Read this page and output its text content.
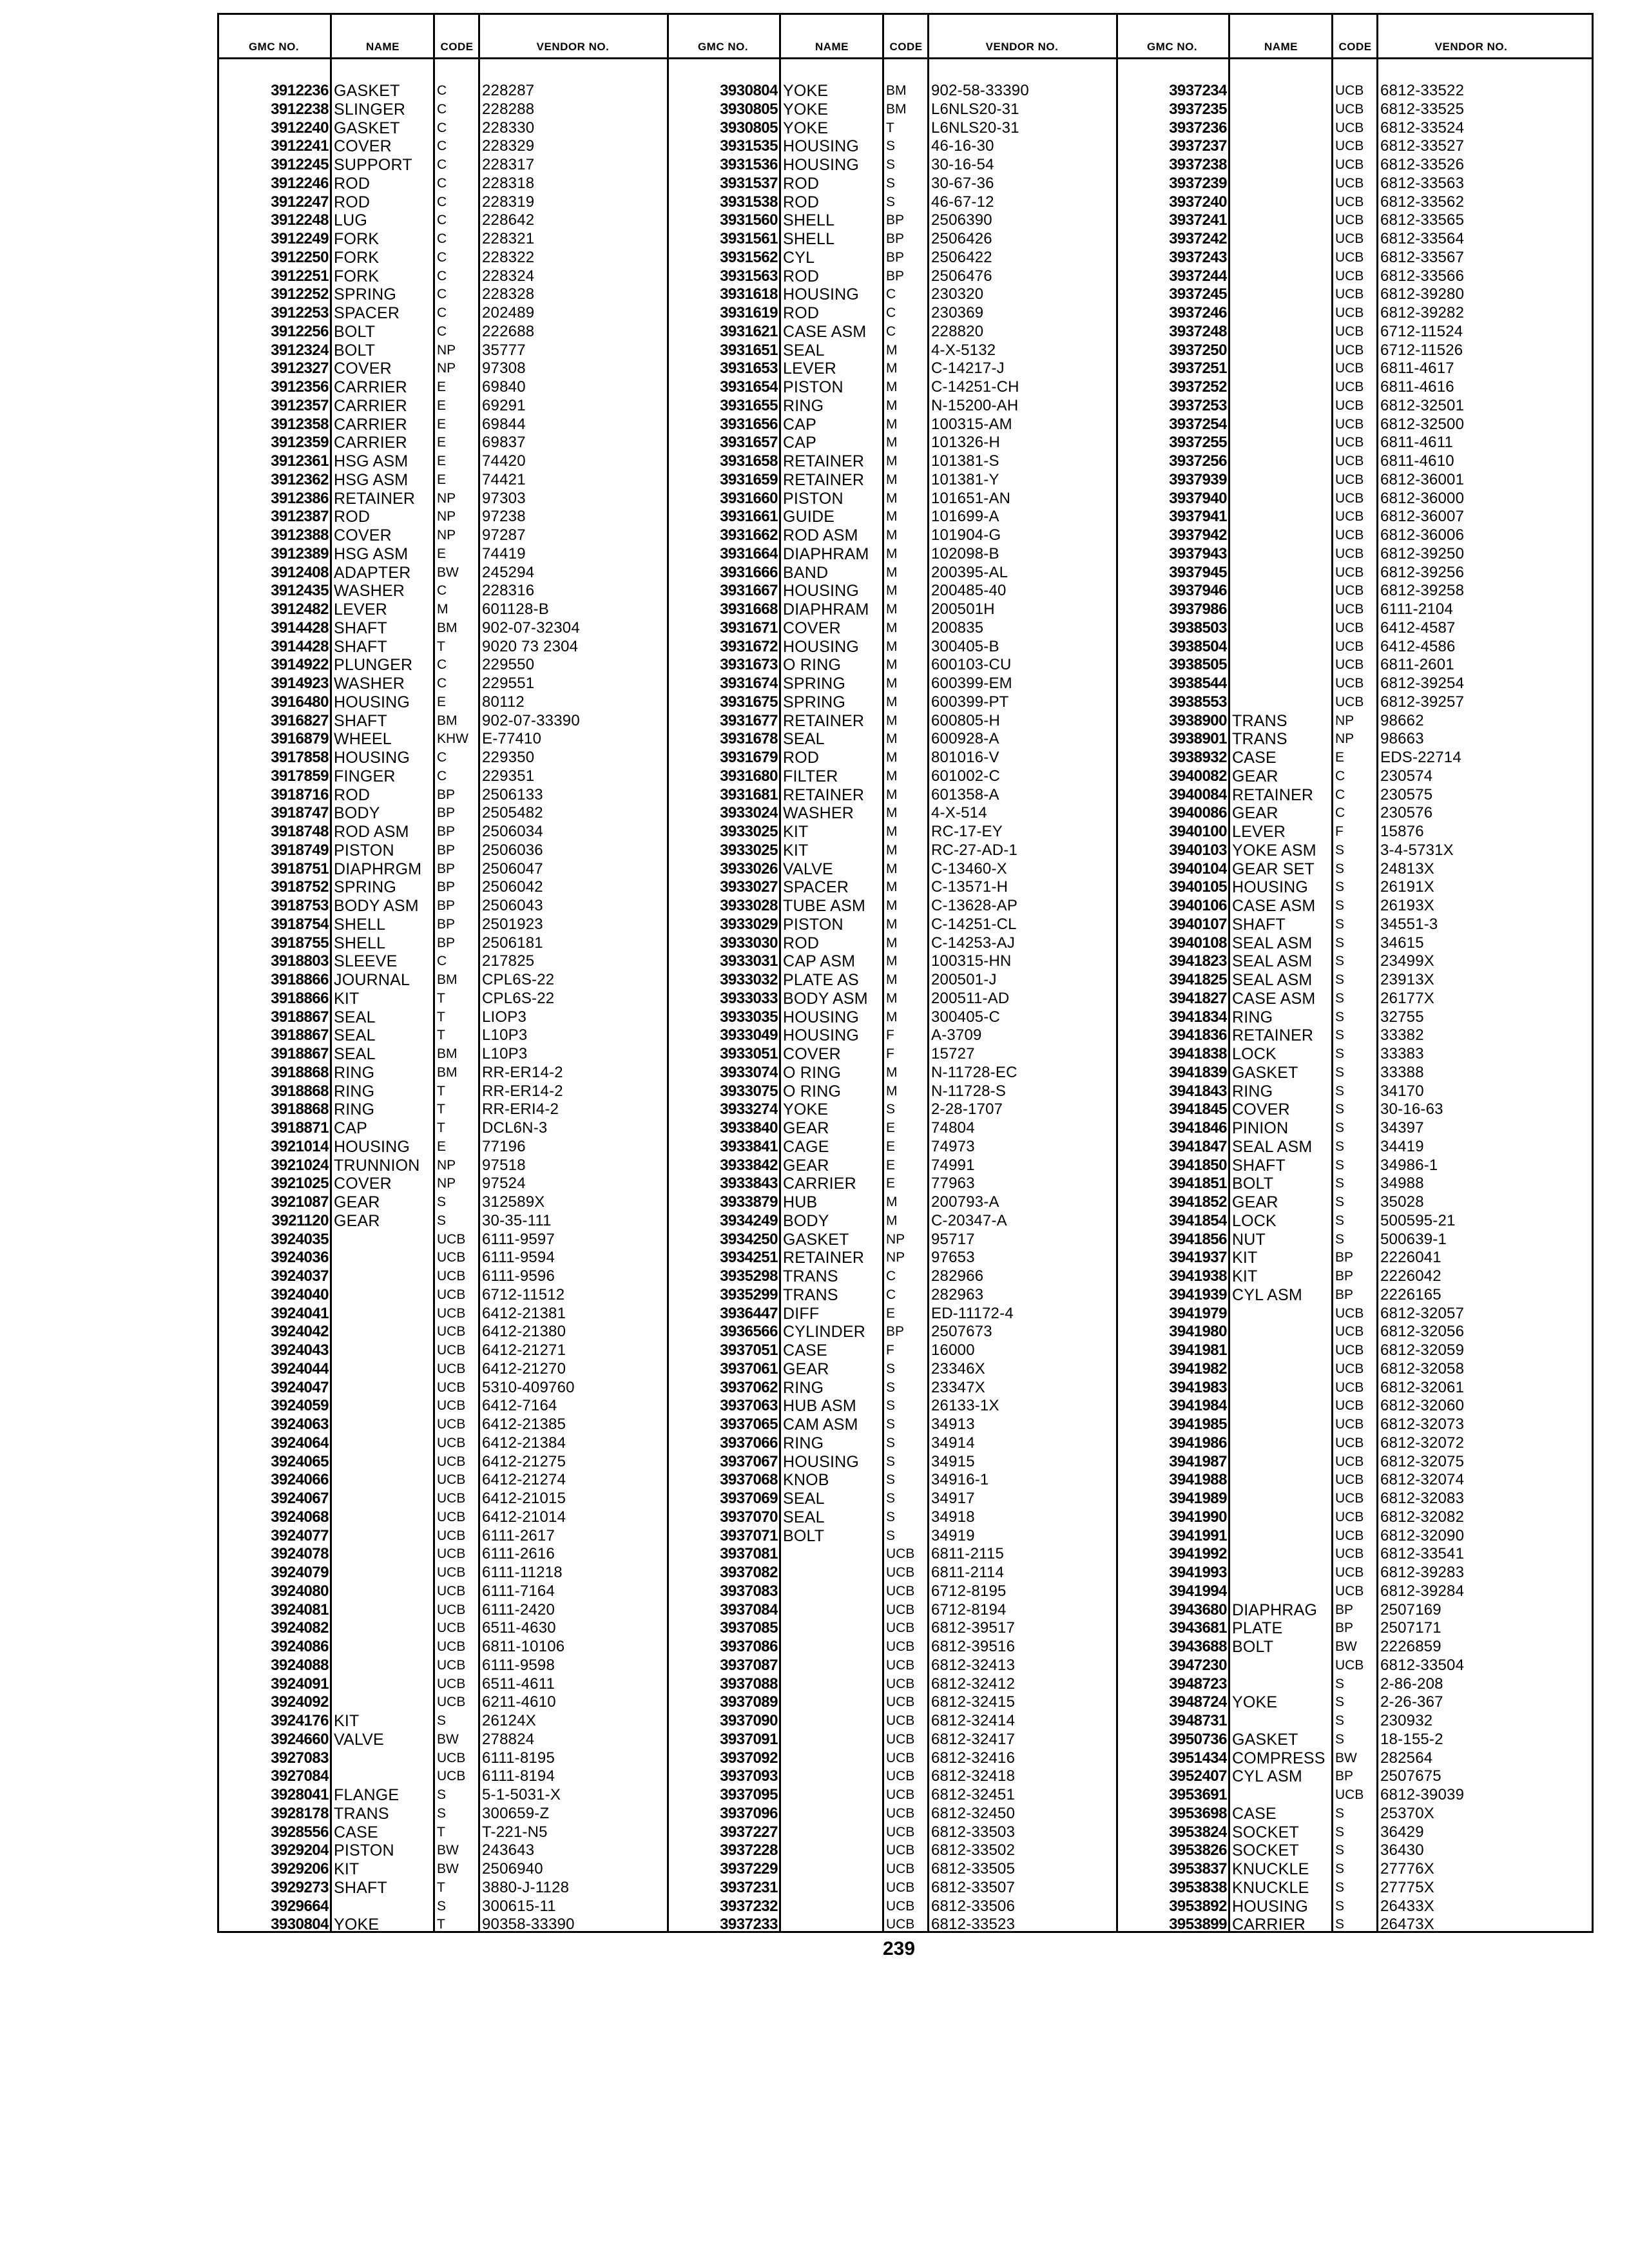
GMC NO.	NAME	CODE	VENDOR NO.	GMC NO.	NAME	CODE	VENDOR NO.	GMC NO.	NAME	CODE	VENDOR NO.
3912236 GASKET	C	228287
3912238 SLINGER	C	228288
3912240 GASKET	C	228330
3912241 COVER	C	228329
3912245 SUPPORT	C	228317
3912246 ROD	C	228318
3912247 ROD	C	228319
3912248 LUG	C	228642
3912249 FORK	C	228321
3912250 FORK	C	228322
3912251 FORK	C	228324
3912252 SPRING	C	228328
3912253 SPACER	C	202489
3912256 BOLT	C	222688
3912324 BOLT	NP	35777
3912327 COVER	NP	97308
3912356 CARRIER	E	69840
3912357 CARRIER	E	69291
3912358 CARRIER	E	69844
3912359 CARRIER	E	69837
3912361 HSG ASM	E	74420
3912362 HSG ASM	E	74421
3912386 RETAINER	NP	97303
3912387 ROD	NP	97238
3912388 COVER	NP	97287
3912389 HSG ASM	E	74419
3912408 ADAPTER	BW	245294
3912435 WASHER	C	228316
3912482 LEVER	M	601128-B
3914428 SHAFT	BM	902-07-32304
3914428 SHAFT	T	9020 73 2304
3914922 PLUNGER	C	229550
3914923 WASHER	C	229551
3916480 HOUSING	E	80112
3916827 SHAFT	BM	902-07-33390
3916879 WHEEL	KHW E-77410
3917858 HOUSING	C	229350
3917859 FINGER	C	229351
3918716 ROD	BP	2506133
3918747 BODY	BP	2505482
3918748 ROD ASM	BP	2506034
3918749 PISTON	BP	2506036
3918751 DIAPHRGM	BP	2506047
3918752 SPRING	BP	2506042
3918753 BODY ASM	BP	2506043
3918754 SHELL	BP	2501923
3918755 SHELL	BP	2506181
3918803 SLEEVE	C	217825
3918866 JOURNAL	BM	CPL6S-22
3918866 KIT	T	CPL6S-22
3918867 SEAL	T	LIOP3
3918867 SEAL	T	L10P3
3918867 SEAL	BM	L10P3
3918868 RING	BM	RR-ER14-2
3918868 RING	T	RR-ER14-2
3918868 RING	T	RR-ERI4-2
3918871 CAP	T	DCL6N-3
3921014 HOUSING	E	77196
3921024 TRUNNION	NP	97518
3921025 COVER	NP	97524
3921087 GEAR	S	312589X
3921120 GEAR	S	30-35-111
3924035	UCB	6111-9597
3924036	UCB	6111-9594
3924037	UCB	6111-9596
3924040	UCB	6712-11512
3924041	UCB	6412-21381
3924042	UCB	6412-21380
3924043	UCB	6412-21271
3924044	UCB	6412-21270
3924047	UCB	5310-409760
3924059	UCB	6412-7164
3924063	UCB	6412-21385
3924064	UCB	6412-21384
3924065	UCB	6412-21275
3924066	UCB	6412-21274
3924067	UCB	6412-21015
3924068	UCB	6412-21014
3924077	UCB	6111-2617
3924078	UCB	6111-2616
3924079	UCB	6111-11218
3924080	UCB	6111-7164
3924081	UCB	6111-2420
3924082	UCB	6511-4630
3924086	UCB	6811-10106
3924088	UCB	6111-9598
3924091	UCB	6511-4611
3924092	UCB	6211-4610
3924176 KIT	S	26124X
3924660 VALVE	BW	278824
3927083	UCB	6111-8195
3927084	UCB	6111-8194
3928041 FLANGE	S	5-1-5031-X
3928178 TRANS	S	300659-Z
3928556 CASE	T	T-221-N5
3929204 PISTON	BW	243643
3929206 KIT	BW	2506940
3929273 SHAFT	T	3880-J-1128
3929664	S	300615-11
3930804 YOKE	T	90358-33390
3930804 YOKE	BM	902-58-33390
3930805 YOKE	BM	L6NLS20-31
3930805 YOKE	T	L6NLS20-31
3931535 HOUSING	S	46-16-30
3931536 HOUSING	S	30-16-54
3931537 ROD	S	30-67-36
3931538 ROD	S	46-67-12
3931560 SHELL	BP	2506390
3931561 SHELL	BP	2506426
3931562 CYL	BP	2506422
3931563 ROD	BP	2506476
3931618 HOUSING	C	230320
3931619 ROD	C	230369
3931621 CASE ASM	C	228820
3931651 SEAL	M	4-X-5132
3931653 LEVER	M	C-14217-J
3931654 PISTON	M	C-14251-CH
3931655 RING	M	N-15200-AH
3931656 CAP	M	100315-AM
3931657 CAP	M	101326-H
3931658 RETAINER	M	101381-S
3931659 RETAINER	M	101381-Y
3931660 PISTON	M	101651-AN
3931661 GUIDE	M	101699-A
3931662 ROD ASM	M	101904-G
3931664 DIAPHRAM	M	102098-B
3931666 BAND	M	200395-AL
3931667 HOUSING	M	200485-40
3931668 DIAPHRAM	M	200501H
3931671 COVER	M	200835
3931672 HOUSING	M	300405-B
3931673 O RING	M	600103-CU
3931674 SPRING	M	600399-EM
3931675 SPRING	M	600399-PT
3931677 RETAINER	M	600805-H
3931678 SEAL	M	600928-A
3931679 ROD	M	801016-V
3931680 FILTER	M	601002-C
3931681 RETAINER	M	601358-A
3933024 WASHER	M	4-X-514
3933025 KIT	M	RC-17-EY
3933025 KIT	M	RC-27-AD-1
3933026 VALVE	M	C-13460-X
3933027 SPACER	M	C-13571-H
3933028 TUBE ASM	M	C-13628-AP
3933029 PISTON	M	C-14251-CL
3933030 ROD	M	C-14253-AJ
3933031 CAP ASM	M	100315-HN
3933032 PLATE AS	M	200501-J
3933033 BODY ASM	M	200511-AD
3933035 HOUSING	M	300405-C
3933049 HOUSING	F	A-3709
3933051 COVER	F	15727
3933074 O RING	M	N-11728-EC
3933075 O RING	M	N-11728-S
3933274 YOKE	S	2-28-1707
3933840 GEAR	E	74804
3933841 CAGE	E	74973
3933842 GEAR	E	74991
3933843 CARRIER	E	77963
3933879 HUB	M	200793-A
3934249 BODY	M	C-20347-A
3934250 GASKET	NP	95717
3934251 RETAINER	NP	97653
3935298 TRANS	C	282966
3935299 TRANS	C	282963
3936447 DIFF	E	ED-11172-4
3936566 CYLINDER	BP	2507673
3937051 CASE	F	16000
3937061 GEAR	S	23346X
3937062 RING	S	23347X
3937063 HUB ASM	S	26133-1X
3937065 CAM ASM	S	34913
3937066 RING	S	34914
3937067 HOUSING	S	34915
3937068 KNOB	S	34916-1
3937069 SEAL	S	34917
3937070 SEAL	S	34918
3937071 BOLT	S	34919
3937081	UCB	6811-2115
3937082	UCB	6811-2114
3937083	UCB	6712-8195
3937084	UCB	6712-8194
3937085	UCB	6812-39517
3937086	UCB	6812-39516
3937087	UCB	6812-32413
3937088	UCB	6812-32412
3937089	UCB	6812-32415
3937090	UCB	6812-32414
3937091	UCB	6812-32417
3937092	UCB	6812-32416
3937093	UCB	6812-32418
3937095	UCB	6812-32451
3937096	UCB	6812-32450
3937227	UCB	6812-33503
3937228	UCB	6812-33502
3937229	UCB	6812-33505
3937231	UCB	6812-33507
3937232	UCB	6812-33506
3937233	UCB	6812-33523
3937234	UCB	6812-33522
3937235	UCB	6812-33525
3937236	UCB	6812-33524
3937237	UCB	6812-33527
3937238	UCB	6812-33526
3937239	UCB	6812-33563
3937240	UCB	6812-33562
3937241	UCB	6812-33565
3937242	UCB	6812-33564
3937243	UCB	6812-33567
3937244	UCB	6812-33566
3937245	UCB	6812-39280
3937246	UCB	6812-39282
3937248	UCB	6712-11524
3937250	UCB	6712-11526
3937251	UCB	6811-4617
3937252	UCB	6811-4616
3937253	UCB	6812-32501
3937254	UCB	6812-32500
3937255	UCB	6811-4611
3937256	UCB	6811-4610
3937939	UCB	6812-36001
3937940	UCB	6812-36000
3937941	UCB	6812-36007
3937942	UCB	6812-36006
3937943	UCB	6812-39250
3937945	UCB	6812-39256
3937946	UCB	6812-39258
3937986	UCB	6111-2104
3938503	UCB	6412-4587
3938504	UCB	6412-4586
3938505	UCB	6811-2601
3938544	UCB	6812-39254
3938553	UCB	6812-39257
3938900 TRANS	NP	98662
3938901 TRANS	NP	98663
3938932 CASE	E	EDS-22714
3940082 GEAR	C	230574
3940084 RETAINER	C	230575
3940086 GEAR	C	230576
3940100 LEVER	F	15876
3940103 YOKE ASM	S	3-4-5731X
3940104 GEAR SET	S	24813X
3940105 HOUSING	S	26191X
3940106 CASE ASM	S	26193X
3940107 SHAFT	S	34551-3
3940108 SEAL ASM	S	34615
3941823 SEAL ASM	S	23499X
3941825 SEAL ASM	S	23913X
3941827 CASE ASM	S	26177X
3941834 RING	S	32755
3941836 RETAINER	S	33382
3941838 LOCK	S	33383
3941839 GASKET	S	33388
3941843 RING	S	34170
3941845 COVER	S	30-16-63
3941846 PINION	S	34397
3941847 SEAL ASM	S	34419
3941850 SHAFT	S	34986-1
3941851 BOLT	S	34988
3941852 GEAR	S	35028
3941854 LOCK	S	500595-21
3941856 NUT	S	500639-1
3941937 KIT	BP	2226041
3941938 KIT	BP	2226042
3941939 CYL ASM	BP	2226165
3941979	UCB	6812-32057
3941980	UCB	6812-32056
3941981	UCB	6812-32059
3941982	UCB	6812-32058
3941983	UCB	6812-32061
3941984	UCB	6812-32060
3941985	UCB	6812-32073
3941986	UCB	6812-32072
3941987	UCB	6812-32075
3941988	UCB	6812-32074
3941989	UCB	6812-32083
3941990	UCB	6812-32082
3941991	UCB	6812-32090
3941992	UCB	6812-33541
3941993	UCB	6812-39283
3941994	UCB	6812-39284
3943680 DIAPHRAG	BP	2507169
3943681 PLATE	BP	2507171
3943688 BOLT	BW	2226859
3947230	UCB	6812-33504
3948723	S	2-86-208
3948724 YOKE	S	2-26-367
3948731	S	230932
3950736 GASKET	S	18-155-2
3951434 COMPRESS BW	282564
3952407 CYL ASM	BP	2507675
3953691	UCB	6812-39039
3953698 CASE	S	25370X
3953824 SOCKET	S	36429
3953826 SOCKET	S	36430
3953837 KNUCKLE	S	27776X
3953838 KNUCKLE	S	27775X
3953892 HOUSING	S	26433X
3953899 CARRIER	S	26473X
239
